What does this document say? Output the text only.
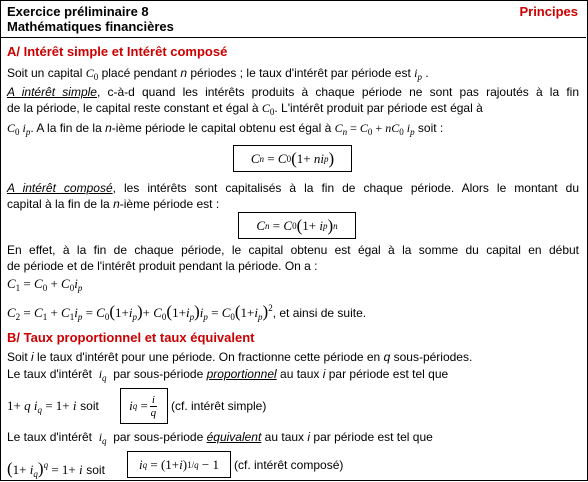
Exercice préliminaire 8
Mathématiques financières
Principes
A/ Intérêt simple et Intérêt composé
Soit un capital $C_0$ placé pendant n périodes ; le taux d'intérêt par période est $i_p$ .
A intérêt simple, c-à-d quand les intérêts produits à chaque période ne sont pas rajoutés à la fin
de la période, le capital reste constant et égal à $C_0$. L'intérêt produit par période est égal à
$C_0$ $i_p$. A la fin de la n-ième période le capital obtenu est égal à $C_n = C_0 + nC_0$ $i_p$ soit :
C n = C 0 ( 1+ n i p )
A intérêt composé, les intérêts sont capitalisés à la fin de chaque période. Alors le montant du
capital à la fin de la n-ième période est :
C n = C 0 ( 1+ i p ) n
En effet, à la fin de chaque période, le capital obtenu est égal à la somme du capital en début
de période et de l'intérêt produit pendant la période. On a :
$C_1 = C_0 + C_0i_p$
$C_2 = C_1 + C_1i_p = C_0(1+i_p)+ C_0(1+i_p)i_p = C_0(1+i_p)^2$, et ainsi de suite.
B/ Taux proportionnel et taux équivalent
Soit i le taux d'intérêt pour une période. On fractionne cette période en q sous-périodes.
Le taux d'intérêt $i_q$ par sous-période proportionnel au taux i par période est tel que
1+ q $i_q = 1+ i$ soit	i $q = \frac{i}{q} (cf$. intérêt simple)
Le taux d'intérêt $i_q$ par sous-période équivalent au taux i par période est tel que
$(1+ i_q)^q = 1+ i$ soit	i q = (1+ i ) 1/q − 1	(cf. intérêt composé)
